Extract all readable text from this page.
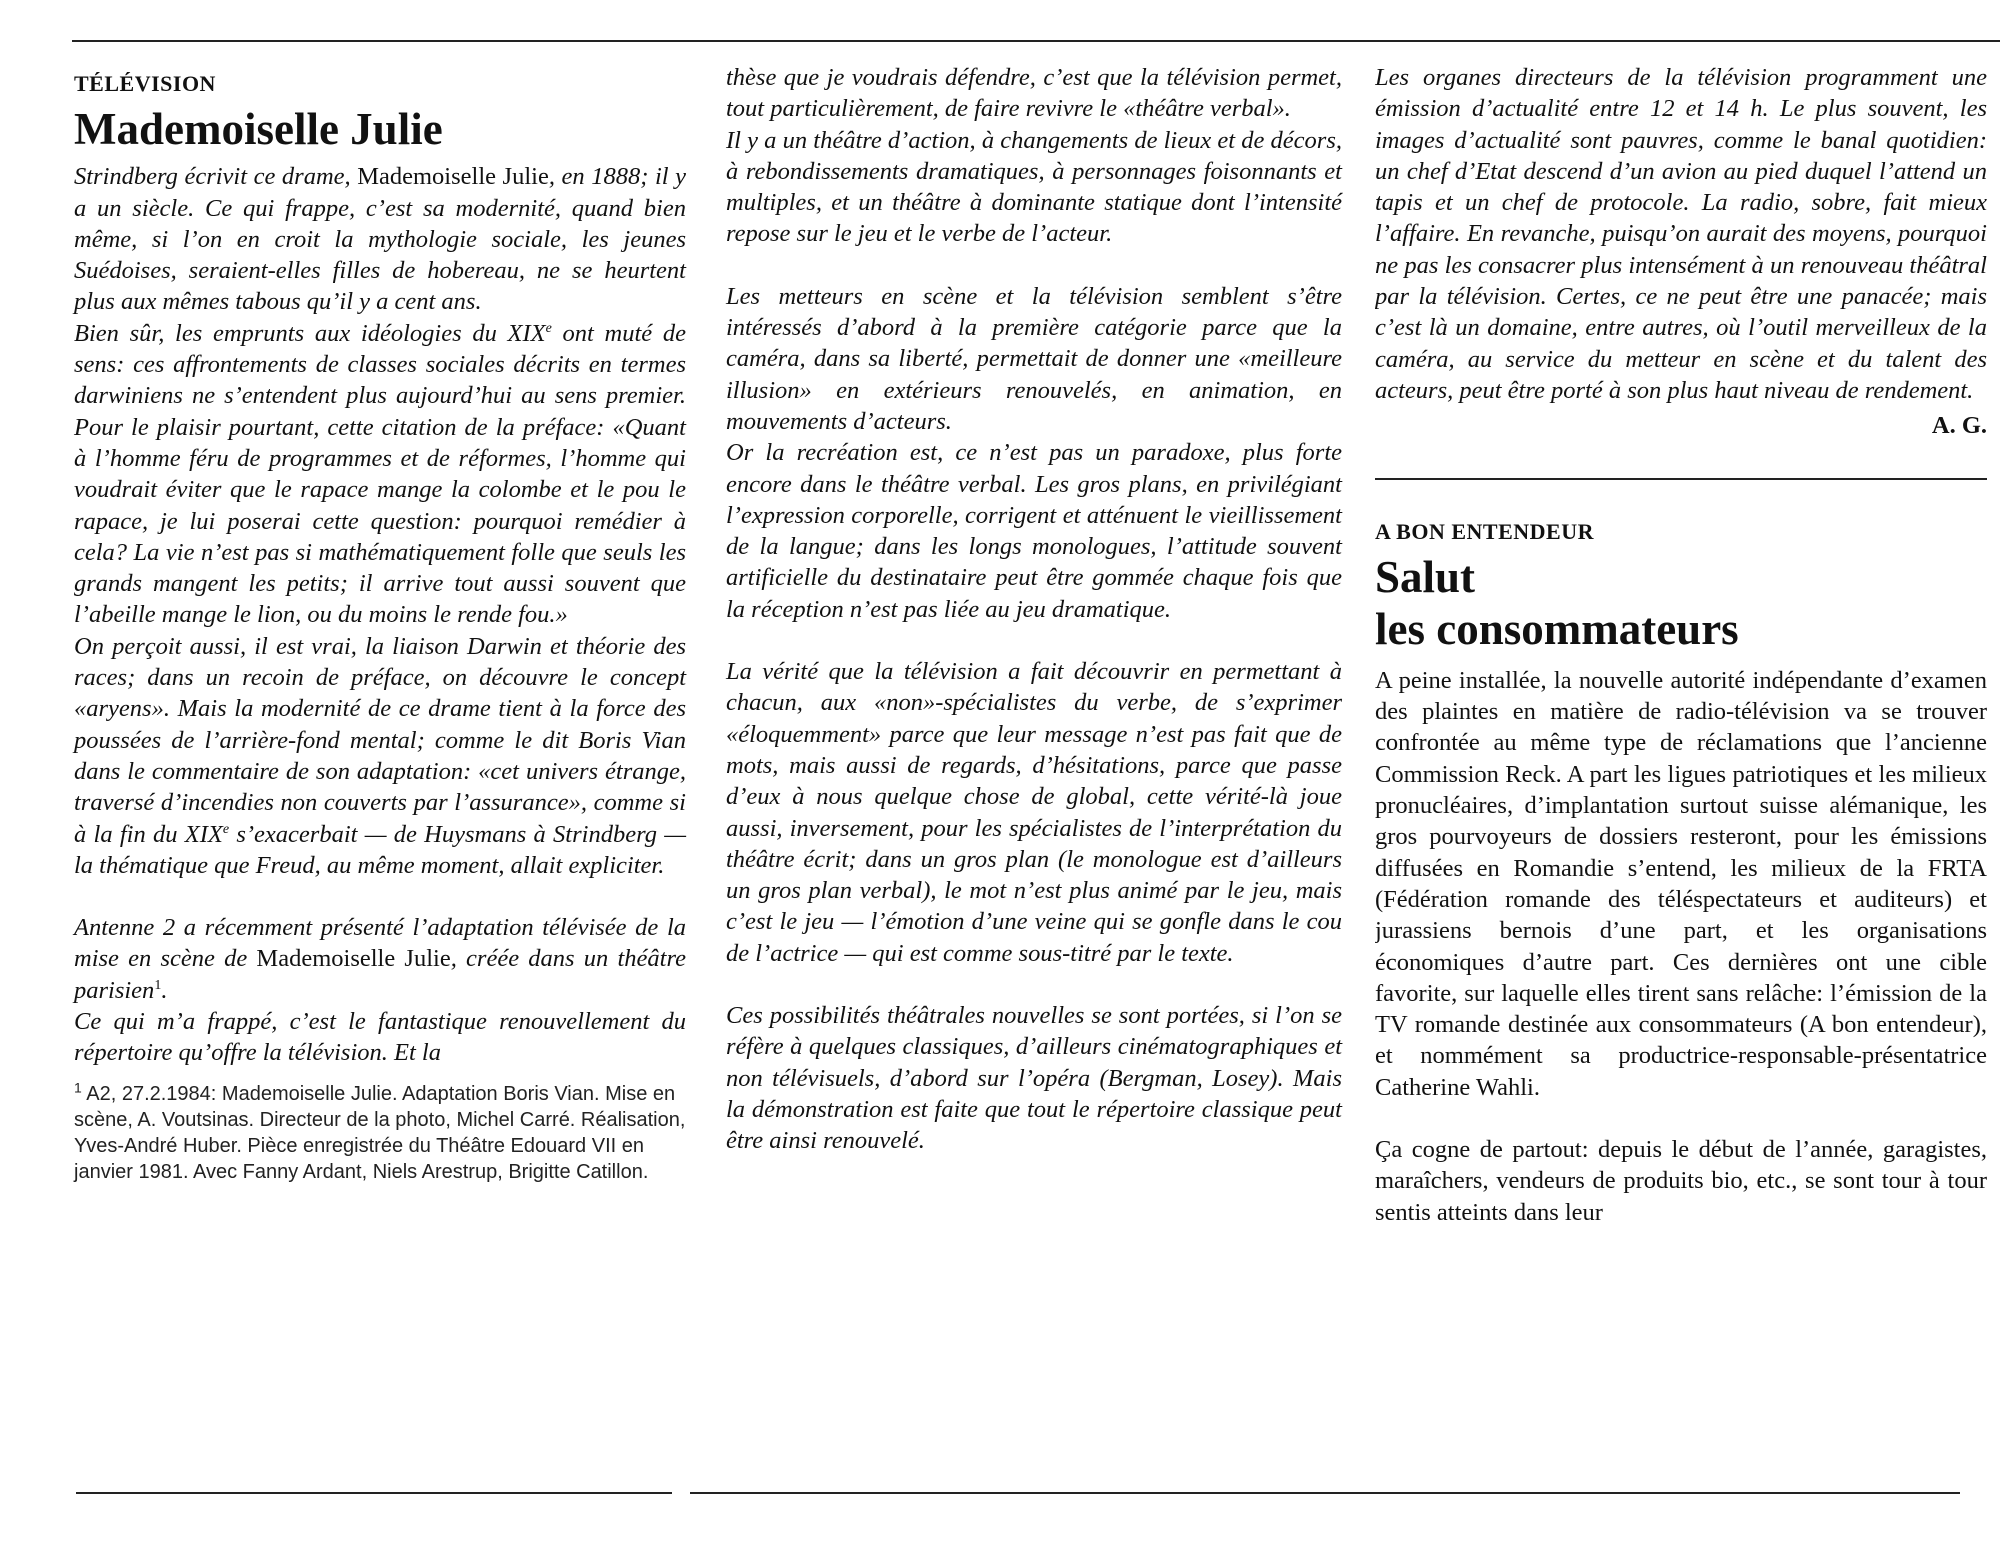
TÉLÉVISION
Mademoiselle Julie

Strindberg écrivit ce drame, Mademoiselle Julie, en 1888; il y a un siècle. Ce qui frappe, c’est sa modernité, quand bien même, si l’on en croit la mythologie sociale, les jeunes Suédoises, seraient-elles filles de hobereau, ne se heurtent plus aux mêmes tabous qu’il y a cent ans.

Bien sûr, les emprunts aux idéologies du XIXe ont muté de sens: ces affrontements de classes sociales décrits en termes darwiniens ne s’entendent plus aujourd’hui au sens premier. Pour le plaisir pourtant, cette citation de la préface: «Quant à l’homme féru de programmes et de réformes, l’homme qui voudrait éviter que le rapace mange la colombe et le pou le rapace, je lui poserai cette question: pourquoi remédier à cela? La vie n’est pas si mathématiquement folle que seuls les grands mangent les petits; il arrive tout aussi souvent que l’abeille mange le lion, ou du moins le rende fou.»

On perçoit aussi, il est vrai, la liaison Darwin et théorie des races; dans un recoin de préface, on découvre le concept «aryens». Mais la modernité de ce drame tient à la force des poussées de l’arrière-fond mental; comme le dit Boris Vian dans le commentaire de son adaptation: «cet univers étrange, traversé d’incendies non couverts par l’assurance», comme si à la fin du XIXe s’exacerbait — de Huysmans à Strindberg — la thématique que Freud, au même moment, allait expliciter.

Antenne 2 a récemment présenté l’adaptation télévisée de la mise en scène de Mademoiselle Julie, créée dans un théâtre parisien$^1$.

Ce qui m’a frappé, c’est le fantastique renouvellement du répertoire qu’offre la télévision. Et la

$^1$ A2, 27.2.1984: Mademoiselle Julie. Adaptation Boris Vian. Mise en scène, A. Voutsinas. Directeur de la photo, Michel Carré. Réalisation, Yves-André Huber. Pièce enregistrée du Théâtre Edouard VII en janvier 1981. Avec Fanny Ardant, Niels Arestrup, Brigitte Catillon.

thèse que je voudrais défendre, c’est que la télévision permet, tout particulièrement, de faire revivre le «théâtre verbal».

Il y a un théâtre d’action, à changements de lieux et de décors, à rebondissements dramatiques, à personnages foisonnants et multiples, et un théâtre à dominante statique dont l’intensité repose sur le jeu et le verbe de l’acteur.

Les metteurs en scène et la télévision semblent s’être intéressés d’abord à la première catégorie parce que la caméra, dans sa liberté, permettait de donner une «meilleure illusion» en extérieurs renouvelés, en animation, en mouvements d’acteurs.

Or la recréation est, ce n’est pas un paradoxe, plus forte encore dans le théâtre verbal. Les gros plans, en privilégiant l’expression corporelle, corrigent et atténuent le vieillissement de la langue; dans les longs monologues, l’attitude souvent artificielle du destinataire peut être gommée chaque fois que la réception n’est pas liée au jeu dramatique.

La vérité que la télévision a fait découvrir en permettant à chacun, aux «non»-spécialistes du verbe, de s’exprimer «éloquemment» parce que leur message n’est pas fait que de mots, mais aussi de regards, d’hésitations, parce que passe d’eux à nous quelque chose de global, cette vérité-là joue aussi, inversement, pour les spécialistes de l’interprétation du théâtre écrit; dans un gros plan (le monologue est d’ailleurs un gros plan verbal), le mot n’est plus animé par le jeu, mais c’est le jeu — l’émotion d’une veine qui se gonfle dans le cou de l’actrice — qui est comme sous-titré par le texte.

Ces possibilités théâtrales nouvelles se sont portées, si l’on se réfère à quelques classiques, d’ailleurs cinématographiques et non télévisuels, d’abord sur l’opéra (Bergman, Losey). Mais la démonstration est faite que tout le répertoire classique peut être ainsi renouvelé.

Les organes directeurs de la télévision programment une émission d’actualité entre 12 et 14 h. Le plus souvent, les images d’actualité sont pauvres, comme le banal quotidien: un chef d’Etat descend d’un avion au pied duquel l’attend un tapis et un chef de protocole. La radio, sobre, fait mieux l’affaire. En revanche, puisqu’on aurait des moyens, pourquoi ne pas les consacrer plus intensément à un renouveau théâtral par la télévision. Certes, ce ne peut être une panacée; mais c’est là un domaine, entre autres, où l’outil merveilleux de la caméra, au service du metteur en scène et du talent des acteurs, peut être porté à son plus haut niveau de rendement.

A. G.
A BON ENTENDEUR
Salut
les consommateurs

A peine installée, la nouvelle autorité indépendante d’examen des plaintes en matière de radio-télévision va se trouver confrontée au même type de réclamations que l’ancienne Commission Reck. A part les ligues patriotiques et les milieux pronucléaires, d’implantation surtout suisse alémanique, les gros pourvoyeurs de dossiers resteront, pour les émissions diffusées en Romandie s’entend, les milieux de la FRTA (Fédération romande des téléspectateurs et auditeurs) et jurassiens bernois d’une part, et les organisations économiques d’autre part. Ces dernières ont une cible favorite, sur laquelle elles tirent sans relâche: l’émission de la TV romande destinée aux consommateurs (A bon entendeur), et nommément sa productrice-responsable-présentatrice Catherine Wahli.

Ça cogne de partout: depuis le début de l’année, garagistes, maraîchers, vendeurs de produits bio, etc., se sont tour à tour sentis atteints dans leur
